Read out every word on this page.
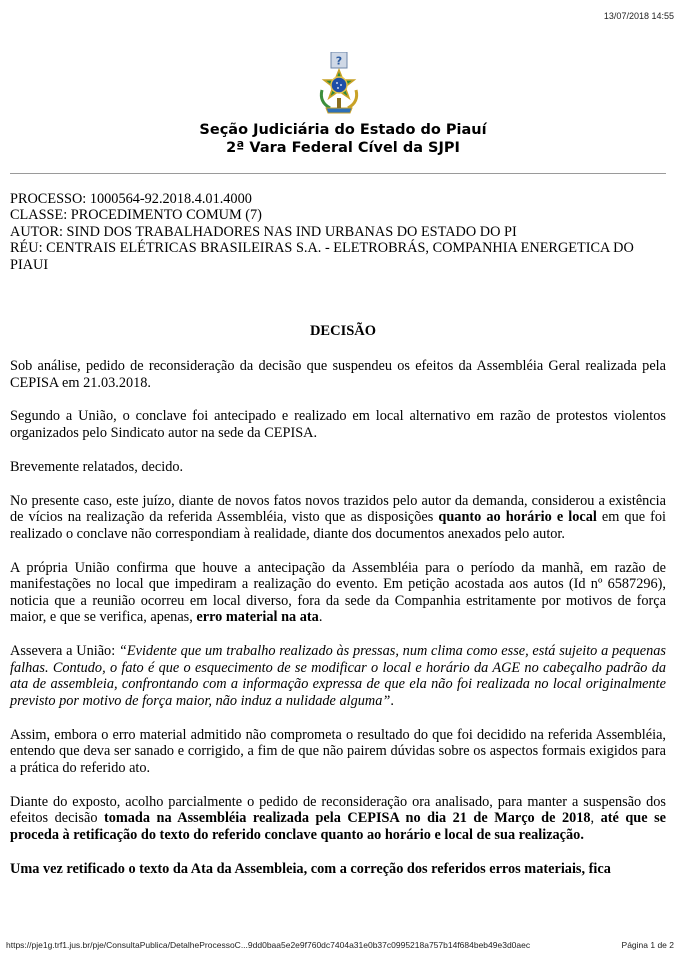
13/07/2018 14:55
?
Seção Judiciária do Estado do Piauí
2ª Vara Federal Cível da SJPI
PROCESSO: 1000564-92.2018.4.01.4000
CLASSE: PROCEDIMENTO COMUM (7)
AUTOR: SIND DOS TRABALHADORES NAS IND URBANAS DO ESTADO DO PI
RÉU: CENTRAIS ELÉTRICAS BRASILEIRAS S.A. - ELETROBRÁS, COMPANHIA ENERGETICA DO PIAUI
DECISÃO

Sob análise, pedido de reconsideração da decisão que suspendeu os efeitos da Assembléia Geral realizada pela CEPISA em 21.03.2018.

Segundo a União, o conclave foi antecipado e realizado em local alternativo em razão de protestos violentos organizados pelo Sindicato autor na sede da CEPISA.

Brevemente relatados, decido.

No presente caso, este juízo, diante de novos fatos novos trazidos pelo autor da demanda, considerou a existência de vícios na realização da referida Assembléia, visto que as disposições quanto ao horário e local em que foi realizado o conclave não correspondiam à realidade, diante dos documentos anexados pelo autor.

A própria União confirma que houve a antecipação da Assembléia para o período da manhã, em razão de manifestações no local que impediram a realização do evento. Em petição acostada aos autos (Id nº 6587296), noticia que a reunião ocorreu em local diverso, fora da sede da Companhia estritamente por motivos de força maior, e que se verifica, apenas, erro material na ata.

Assevera a União: “Evidente que um trabalho realizado às pressas, num clima como esse, está sujeito a pequenas falhas. Contudo, o fato é que o esquecimento de se modificar o local e horário da AGE no cabeçalho padrão da ata de assembleia, confrontando com a informação expressa de que ela não foi realizada no local originalmente previsto por motivo de força maior, não induz a nulidade alguma”.

Assim, embora o erro material admitido não comprometa o resultado do que foi decidido na referida Assembléia, entendo que deva ser sanado e corrigido, a fim de que não pairem dúvidas sobre os aspectos formais exigidos para a prática do referido ato.

Diante do exposto, acolho parcialmente o pedido de reconsideração ora analisado, para manter a suspensão dos efeitos decisão tomada na Assembléia realizada pela CEPISA no dia 21 de Março de 2018, até que se proceda à retificação do texto do referido conclave quanto ao horário e local de sua realização.

Uma vez retificado o texto da Ata da Assembleia, com a correção dos referidos erros materiais, fica

https://pje1g.trf1.jus.br/pje/ConsultaPublica/DetalheProcessoC...9dd0baa5e2e9f760dc7404a31e0b37c0995218a757b14f684beb49e3d0aec	Página 1 de 2
